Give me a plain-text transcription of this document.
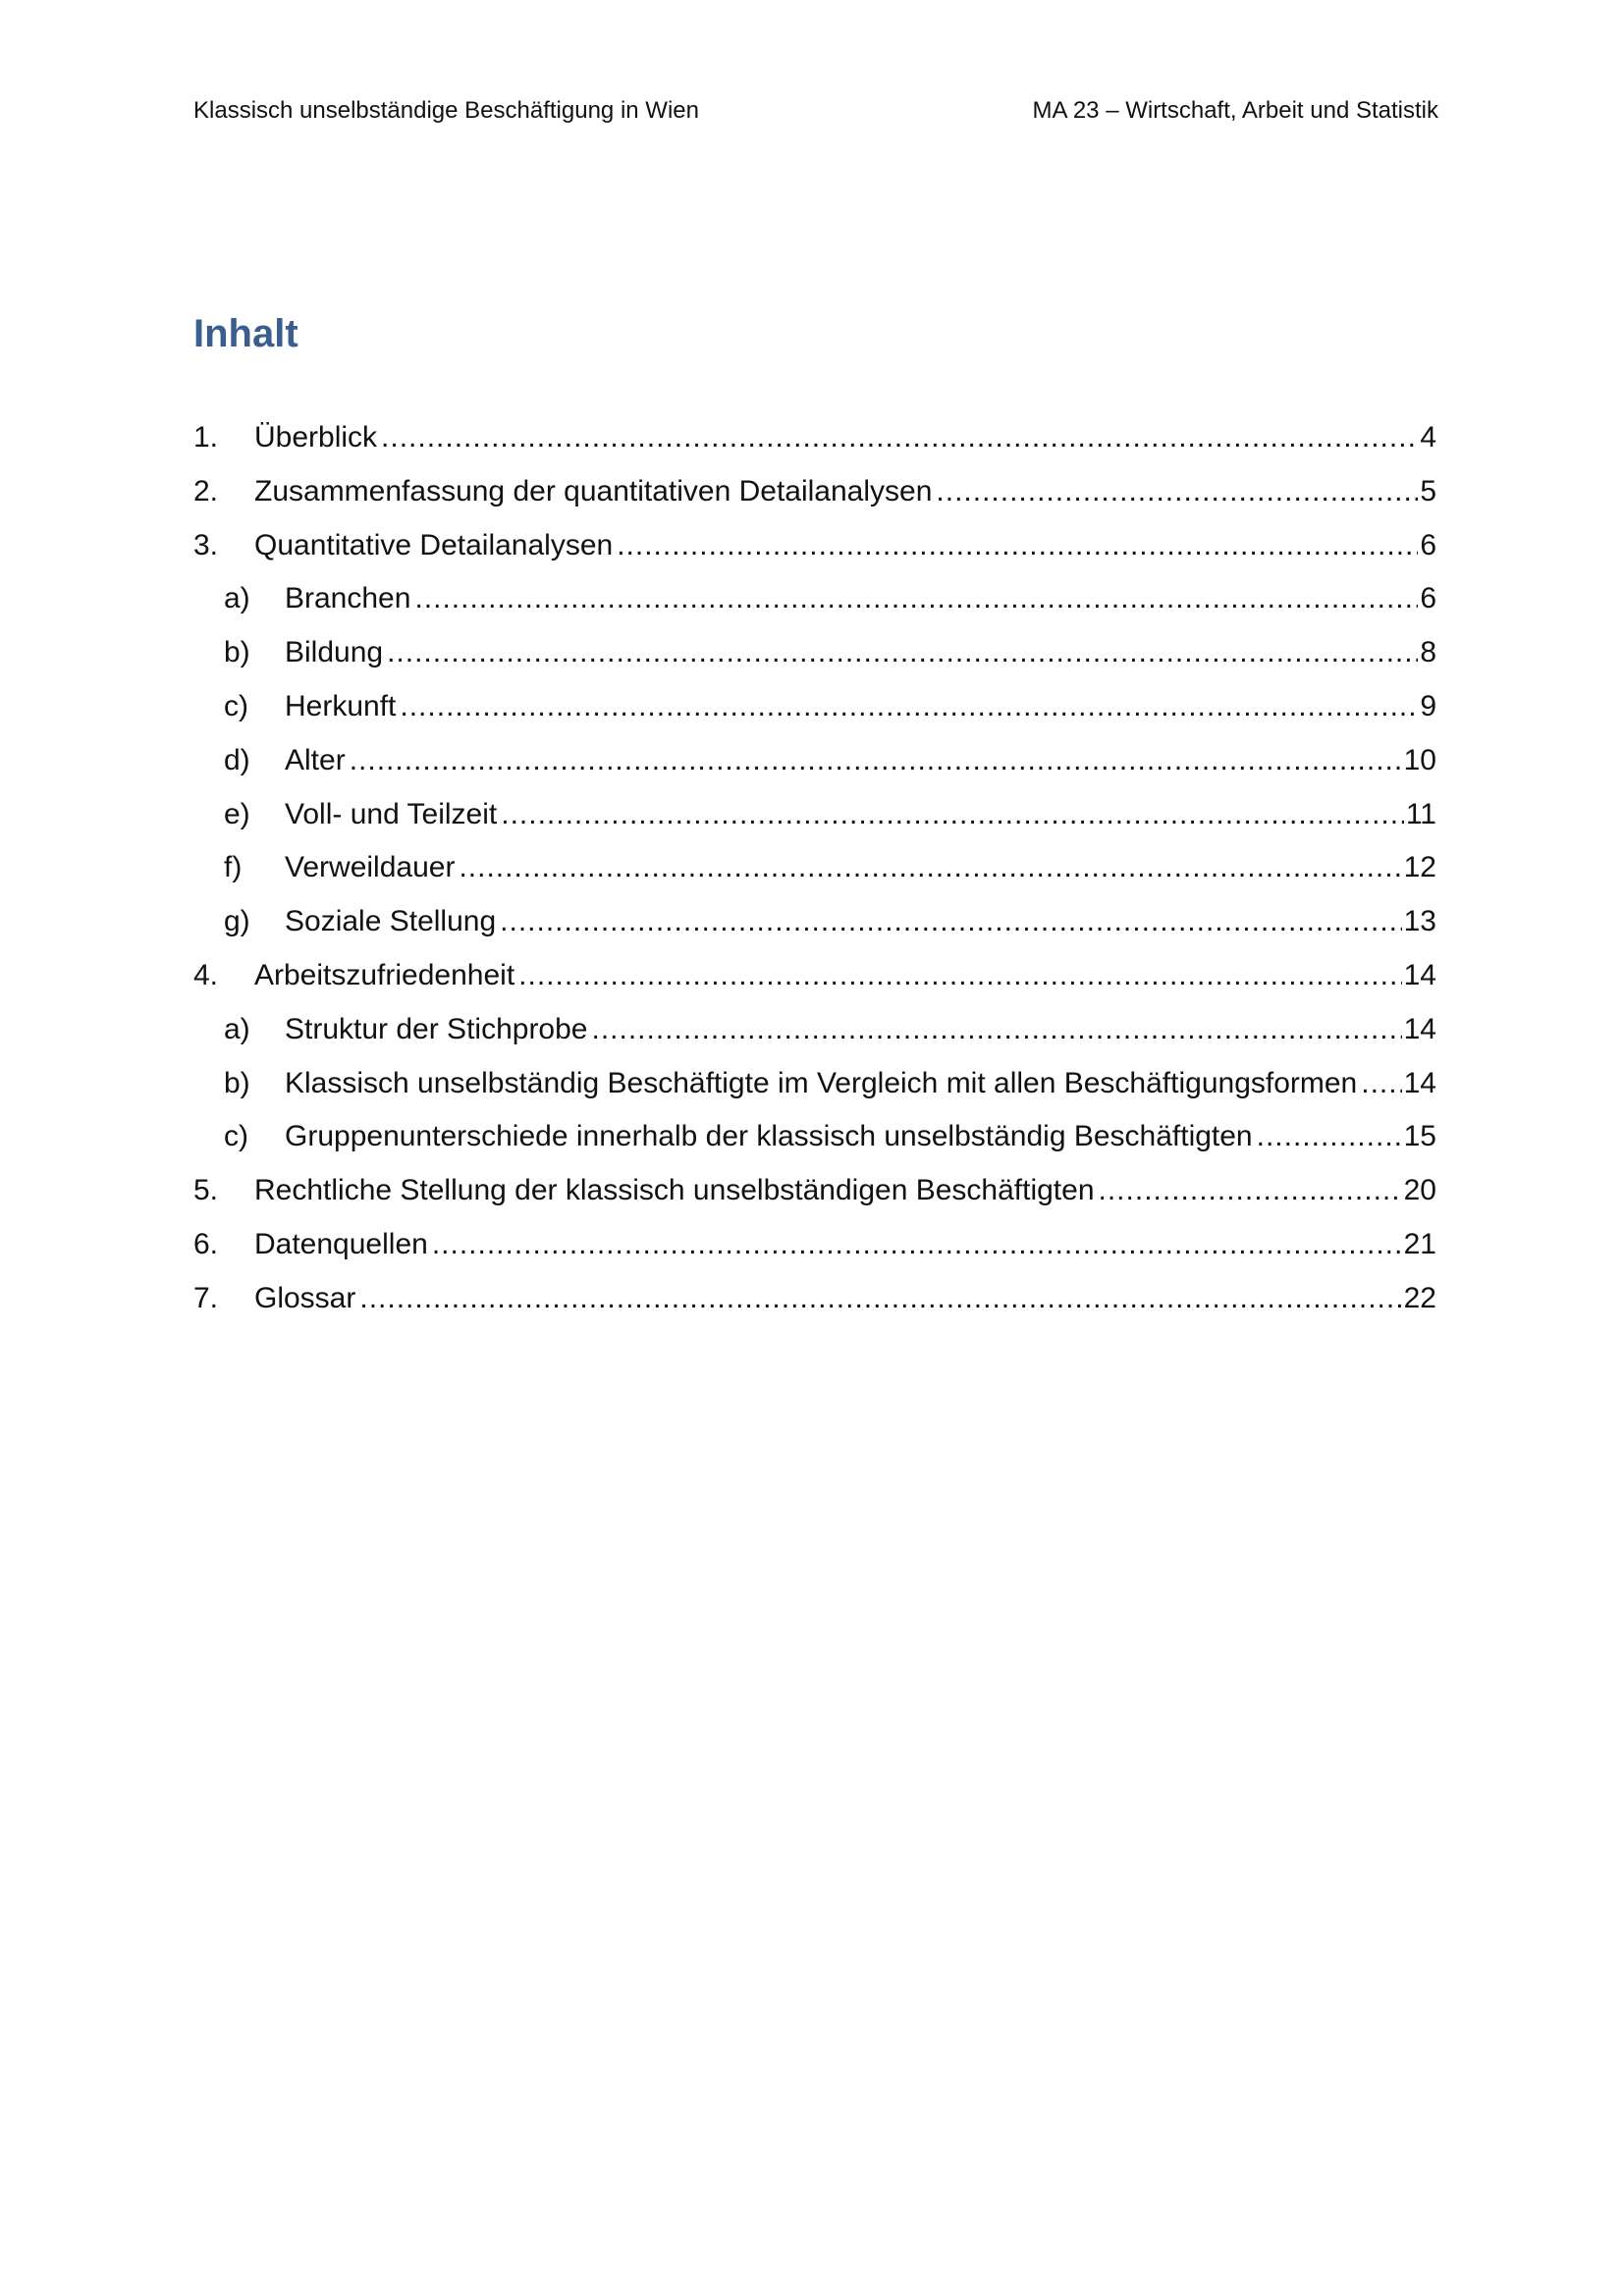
Klassisch unselbständige Beschäftigung in Wien	MA 23 – Wirtschaft, Arbeit und Statistik
Inhalt
1.	Überblick .....	4
2.	Zusammenfassung der quantitativen Detailanalysen .....	5
3.	Quantitative Detailanalysen .....	6
a)	Branchen .....	6
b)	Bildung .....	8
c)	Herkunft .....	9
d)	Alter .....	10
e)	Voll- und Teilzeit .....	11
f)	Verweildauer .....	12
g)	Soziale Stellung .....	13
4.	Arbeitszufriedenheit .....	14
a)	Struktur der Stichprobe .....	14
b)	Klassisch unselbständig Beschäftigte im Vergleich mit allen Beschäftigungsformen ..... 14
c)	Gruppenunterschiede innerhalb der klassisch unselbständig Beschäftigten .....	15
5.	Rechtliche Stellung der klassisch unselbständigen Beschäftigten .....	20
6.	Datenquellen .....	21
7.	Glossar .....	22
